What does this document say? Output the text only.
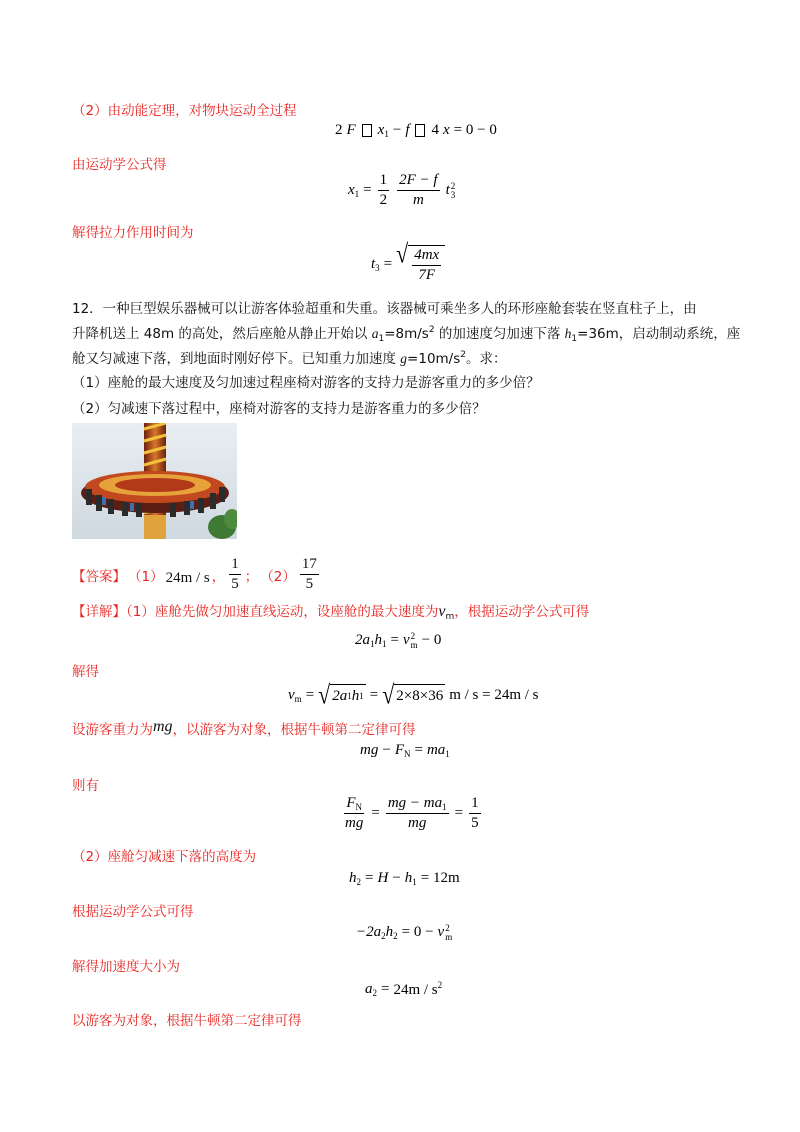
（2）由动能定理，对物块运动全过程
2 F $x_1 - f$ 4 x = 0 − 0
由运动学公式得
$x_1 = \frac{1}{2} \frac{2F - f}{m}$ t 2
3
解得拉力作用时间为
$t_3$ = √ $\frac{4mx}{7F}$
12．一种巨型娱乐器械可以让游客体验超重和失重。该器械可乘坐多人的环形座舱套装在竖直柱子上，由
升降机送上 48m 的高处，然后座舱从静止开始以 $a_1=8m/s^2$ 的加速度匀加速下落 $h_1=36m$，启动制动系统，座
舱又匀减速下落，到地面时刚好停下。已知重力加速度 $g=10m/s^2$。求：
（1）座舱的最大速度及匀加速过程座椅对游客的支持力是游客重力的多少倍？
（2）匀减速下落过程中，座椅对游客的支持力是游客重力的多少倍？
【答案】 （1） 24m / s ， $\frac{1}{5}$ ； $(2) \frac{17}{5}$
【详解】（1）座舱先做匀加速直线运动，设座舱的最大速度为$v_m$，根据运动学公式可得
$2a_1h_1 = v$ 2
m − 0
解得
$v_m$ = √ 2a 1 h 1 = √ 2×8×36 m / s = 24m / s
设游客重力为mg，以游客为对象，根据牛顿第二定律可得
mg − $F_N = ma_1$
则有
$\frac{F_N}{mg} = \frac{mg - ma_1}{mg} = \frac{1}{5}$
（2）座舱匀减速下落的高度为
$h_2 = H - h_1 = 12m$
根据运动学公式可得
$-2a_2h_2 = 0 - v$ 2
m
解得加速度大小为
$a_2 = 24m / s^2$
以游客为对象，根据牛顿第二定律可得
